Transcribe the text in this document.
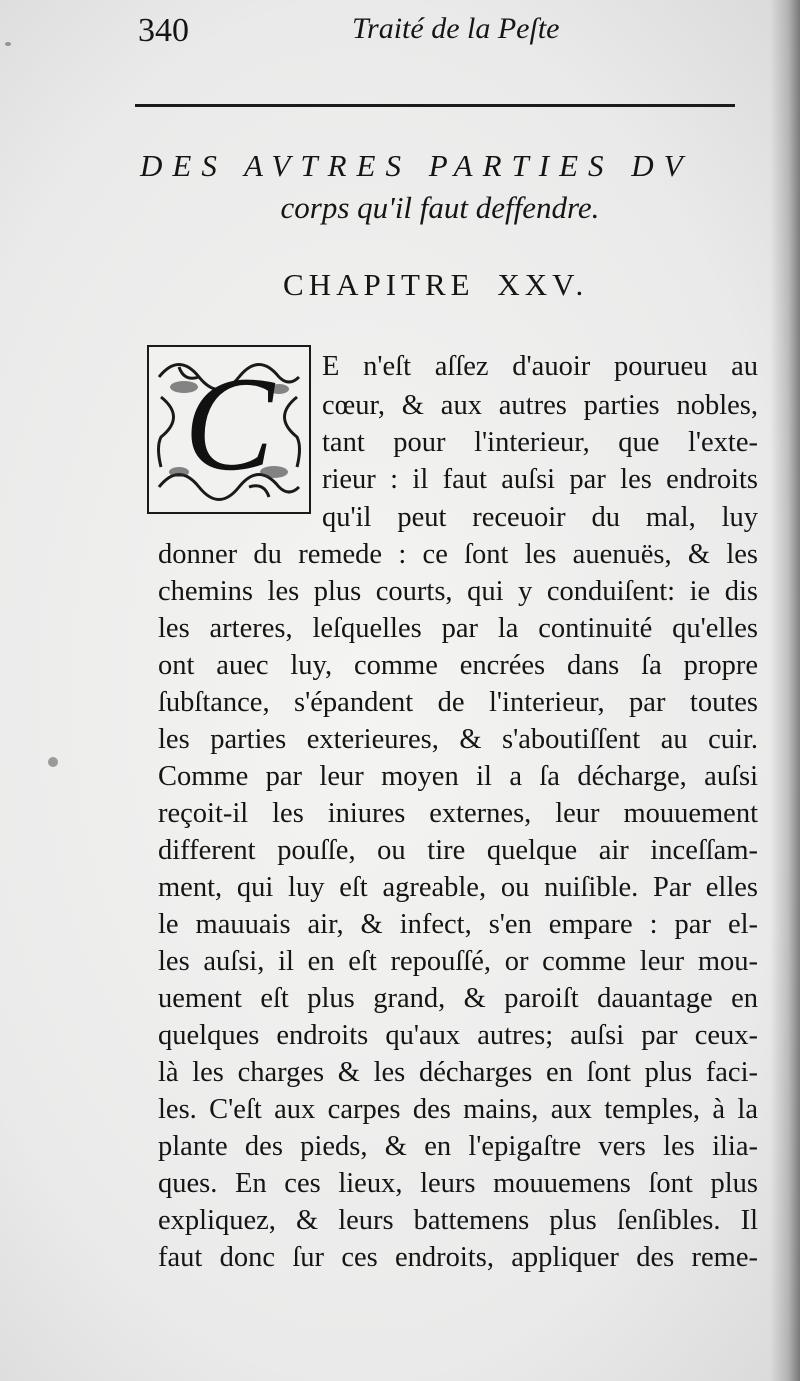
340	Traité de la Peſte
DES AVTRES PARTIES DV
corps qu'il faut deffendre.
CHAPITRE XXV.
C E n'eſt aſſez d'auoir pourueu au
cœur, & aux autres parties nobles,
tant pour l'interieur, que l'exte-
rieur : il faut auſsi par les endroits
qu'il peut receuoir du mal, luy
donner du remede : ce ſont les auenuës, & les
chemins les plus courts, qui y conduiſent: ie dis
les arteres, leſquelles par la continuité qu'elles
ont auec luy, comme encrées dans ſa propre
ſubſtance, s'épandent de l'interieur, par toutes
les parties exterieures, & s'aboutiſſent au cuir.
Comme par leur moyen il a ſa décharge, auſsi
reçoit-il les iniures externes, leur mouuement
different pouſſe, ou tire quelque air inceſſam-
ment, qui luy eſt agreable, ou nuiſible. Par elles
le mauuais air, & infect, s'en empare : par el-
les auſsi, il en eſt repouſſé, or comme leur mou-
uement eſt plus grand, & paroiſt dauantage en
quelques endroits qu'aux autres; auſsi par ceux-
là les charges & les décharges en ſont plus faci-
les. C'eſt aux carpes des mains, aux temples, à la
plante des pieds, & en l'epigaſtre vers les ilia-
ques. En ces lieux, leurs mouuemens ſont plus
expliquez, & leurs battemens plus ſenſibles. Il
faut donc ſur ces endroits, appliquer des reme-
